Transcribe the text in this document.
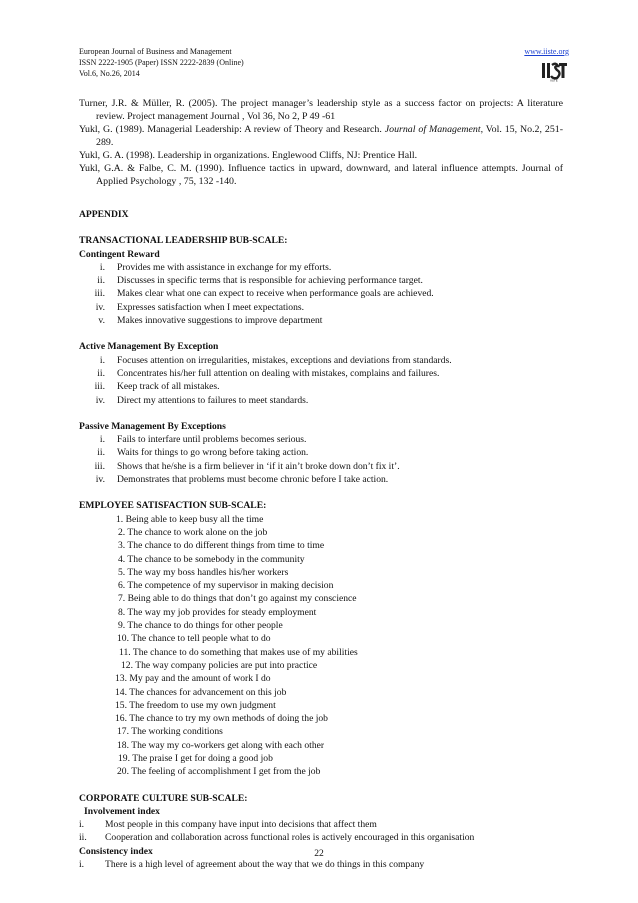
European Journal of Business and Management
ISSN 2222-1905 (Paper) ISSN 2222-2839 (Online)
Vol.6, No.26, 2014
www.iiste.org
IISTE

Turner, J.R. & Müller, R. (2005). The project manager’s leadership style as a success factor on projects: A literature review. Project management Journal , Vol 36, No 2, P 49 -61

Yukl, G. (1989). Managerial Leadership: A review of Theory and Research. Journal of Management, Vol. 15, No.2, 251-289.

Yukl, G. A. (1998). Leadership in organizations. Englewood Cliffs, NJ: Prentice Hall.

Yukl, G.A. & Falbe, C. M. (1990). Influence tactics in upward, downward, and lateral influence attempts. Journal of Applied Psychology , 75, 132 -140.

APPENDIX

TRANSACTIONAL LEADERSHIP BUB-SCALE:

Contingent Reward

i.	Provides me with assistance in exchange for my efforts.
ii.	Discusses in specific terms that is responsible for achieving performance target.
iii.	Makes clear what one can expect to receive when performance goals are achieved.
iv.	Expresses satisfaction when I meet expectations.
v.	Makes innovative suggestions to improve department

Active Management By Exception

i.	Focuses attention on irregularities, mistakes, exceptions and deviations from standards.
ii.	Concentrates his/her full attention on dealing with mistakes, complains and failures.
iii.	Keep track of all mistakes.
iv.	Direct my attentions to failures to meet standards.

Passive Management By Exceptions

i.	Fails to interfare until problems becomes serious.
ii.	Waits for things to go wrong before taking action.
iii.	Shows that he/she is a firm believer in ‘if it ain’t broke down don’t fix it’.
iv.	Demonstrates that problems must become chronic before I take action.

EMPLOYEE SATISFACTION SUB-SCALE:

1. Being able to keep busy all the time

2. The chance to work alone on the job

3. The chance to do different things from time to time

4. The chance to be somebody in the community

5. The way my boss handles his/her workers

6. The competence of my supervisor in making decision

7. Being able to do things that don’t go against my conscience

8. The way my job provides for steady employment

9. The chance to do things for other people

10. The chance to tell people what to do

11. The chance to do something that makes use of my abilities

12. The way company policies are put into practice

13. My pay and the amount of work I do

14. The chances for advancement on this job

15. The freedom to use my own judgment

16. The chance to try my own methods of doing the job

17. The working conditions

18. The way my co-workers get along with each other

19. The praise I get for doing a good job

20. The feeling of accomplishment I get from the job

CORPORATE CULTURE SUB-SCALE:

Involvement index

i.	Most people in this company have input into decisions that affect them
ii.	Cooperation and collaboration across functional roles is actively encouraged in this organisation

Consistency index

i.	There is a high level of agreement about the way that we do things in this company
22
